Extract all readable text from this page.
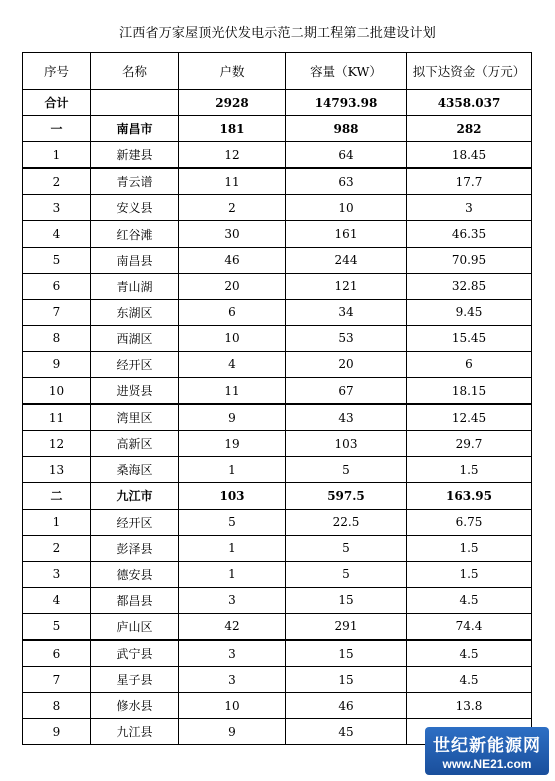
江西省万家屋顶光伏发电示范二期工程第二批建设计划
序号	名称	户数	容量（KW）	拟下达资金（万元）
合计		2928	14793.98	4358.037
一	南昌市	181	988	282
1	新建县	12	64	18.45
2	青云谱	11	63	17.7
3	安义县	2	10	3
4	红谷滩	30	161	46.35
5	南昌县	46	244	70.95
6	青山湖	20	121	32.85
7	东湖区	6	34	9.45
8	西湖区	10	53	15.45
9	经开区	4	20	6
10	进贤县	11	67	18.15
11	湾里区	9	43	12.45
12	高新区	19	103	29.7
13	桑海区	1	5	1.5
二	九江市	103	597.5	163.95
1	经开区	5	22.5	6.75
2	彭泽县	1	5	1.5
3	德安县	1	5	1.5
4	都昌县	3	15	4.5
5	庐山区	42	291	74.4
6	武宁县	3	15	4.5
7	星子县	3	15	4.5
8	修水县	10	46	13.8
9	九江县	9	45	
世纪新能源网
www.NE21.com
